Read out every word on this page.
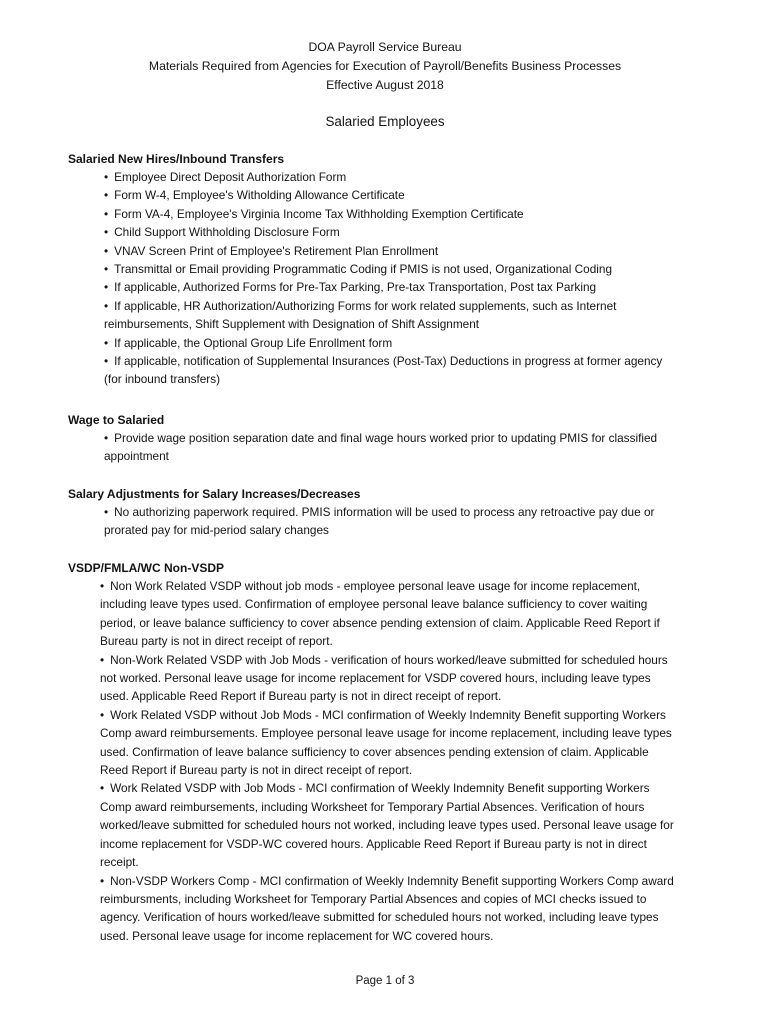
DOA Payroll Service Bureau
Materials Required from Agencies for Execution of Payroll/Benefits Business Processes
Effective August 2018
Salaried Employees
Salaried New Hires/Inbound Transfers
• Employee Direct Deposit Authorization Form
• Form W-4, Employee's Witholding Allowance Certificate
• Form VA-4, Employee's Virginia Income Tax Withholding Exemption Certificate
• Child Support Withholding Disclosure Form
• VNAV Screen Print of Employee's Retirement Plan Enrollment
• Transmittal or Email providing Programmatic Coding if PMIS is not used, Organizational Coding
• If applicable, Authorized Forms for Pre-Tax Parking, Pre-tax Transportation, Post tax Parking
• If applicable, HR Authorization/Authorizing Forms for work related supplements, such as Internet reimbursements, Shift Supplement with Designation of Shift Assignment
• If applicable, the Optional Group Life Enrollment form
• If applicable, notification of Supplemental Insurances (Post-Tax) Deductions in progress at former agency (for inbound transfers)
Wage to Salaried
• Provide wage position separation date and final wage hours worked prior to updating PMIS for classified appointment
Salary Adjustments for Salary Increases/Decreases
• No authorizing paperwork required. PMIS information will be used to process any retroactive pay due or prorated pay for mid-period salary changes
VSDP/FMLA/WC Non-VSDP
• Non Work Related VSDP without job mods - employee personal leave usage for income replacement, including leave types used. Confirmation of employee personal leave balance sufficiency to cover waiting period, or leave balance sufficiency to cover absence pending extension of claim. Applicable Reed Report if Bureau party is not in direct receipt of report.
• Non-Work Related VSDP with Job Mods - verification of hours worked/leave submitted for scheduled hours not worked. Personal leave usage for income replacement for VSDP covered hours, including leave types used. Applicable Reed Report if Bureau party is not in direct receipt of report.
• Work Related VSDP without Job Mods - MCI confirmation of Weekly Indemnity Benefit supporting Workers Comp award reimbursements. Employee personal leave usage for income replacement, including leave types used. Confirmation of leave balance sufficiency to cover absences pending extension of claim. Applicable Reed Report if Bureau party is not in direct receipt of report.
• Work Related VSDP with Job Mods - MCI confirmation of Weekly Indemnity Benefit supporting Workers Comp award reimbursements, including Worksheet for Temporary Partial Absences. Verification of hours worked/leave submitted for scheduled hours not worked, including leave types used. Personal leave usage for income replacement for VSDP-WC covered hours. Applicable Reed Report if Bureau party is not in direct receipt.
• Non-VSDP Workers Comp - MCI confirmation of Weekly Indemnity Benefit supporting Workers Comp award reimbursments, including Worksheet for Temporary Partial Absences and copies of MCI checks issued to agency. Verification of hours worked/leave submitted for scheduled hours not worked, including leave types used. Personal leave usage for income replacement for WC covered hours.
Page 1 of 3
